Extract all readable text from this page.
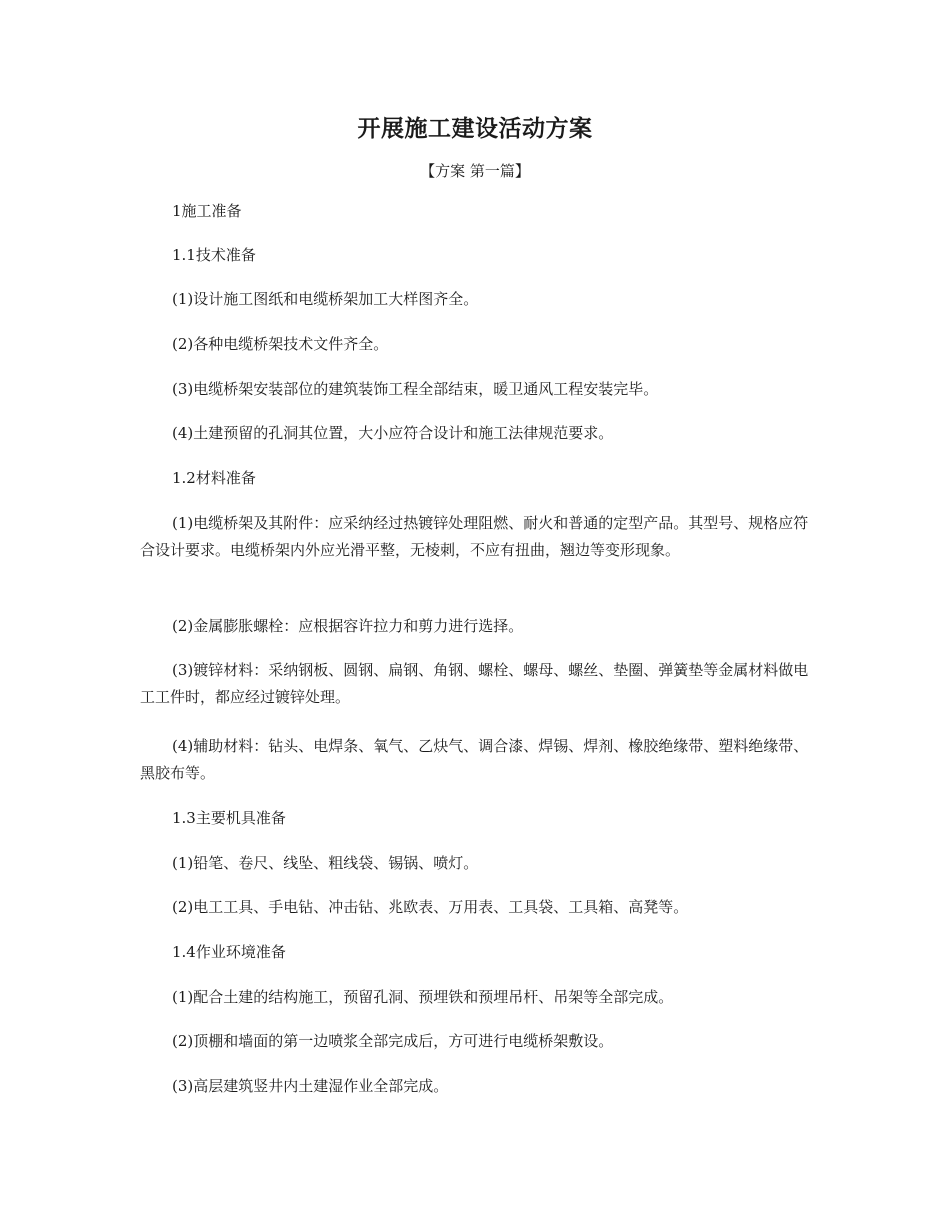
开展施工建设活动方案
【方案 第一篇】

1施工准备

1.1技术准备

(1)设计施工图纸和电缆桥架加工大样图齐全。

(2)各种电缆桥架技术文件齐全。

(3)电缆桥架安装部位的建筑装饰工程全部结束，暖卫通风工程安装完毕。

(4)土建预留的孔洞其位置，大小应符合设计和施工法律规范要求。

1.2材料准备

(1)电缆桥架及其附件：应采纳经过热镀锌处理阻燃、耐火和普通的定型产品。其型号、规格应符合设计要求。电缆桥架内外应光滑平整，无棱刺，不应有扭曲，翘边等变形现象。

(2)金属膨胀螺栓：应根据容许拉力和剪力进行选择。

(3)镀锌材料：采纳钢板、圆钢、扁钢、角钢、螺栓、螺母、螺丝、垫圈、弹簧垫等金属材料做电工工件时，都应经过镀锌处理。

(4)辅助材料：钻头、电焊条、氧气、乙炔气、调合漆、焊锡、焊剂、橡胶绝缘带、塑料绝缘带、黑胶布等。

1.3主要机具准备

(1)铅笔、卷尺、线坠、粗线袋、锡锅、喷灯。

(2)电工工具、手电钻、冲击钻、兆欧表、万用表、工具袋、工具箱、高凳等。

1.4作业环境准备

(1)配合土建的结构施工，预留孔洞、预埋铁和预埋吊杆、吊架等全部完成。

(2)顶棚和墙面的第一边喷浆全部完成后，方可进行电缆桥架敷设。

(3)高层建筑竖井内土建湿作业全部完成。
